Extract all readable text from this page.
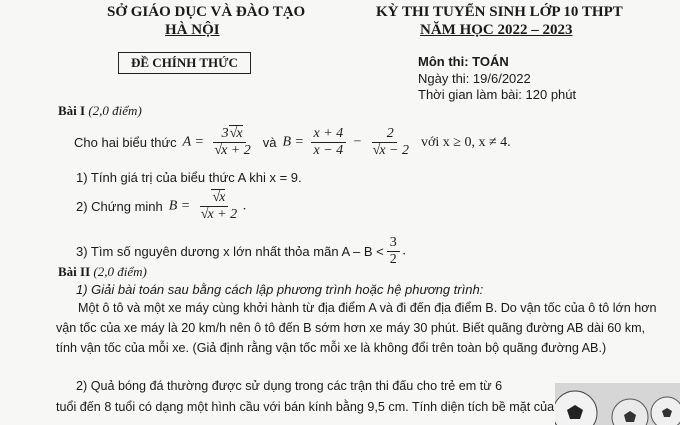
SỞ GIÁO DỤC VÀ ĐÀO TẠO
HÀ NỘI
ĐỀ CHÍNH THỨC
KỲ THI TUYỂN SINH LỚP 10 THPT
NĂM HỌC 2022 – 2023
Môn thi: TOÁN
Ngày thi: 19/6/2022
Thời gian làm bài: 120 phút
Bài I (2,0 điểm)
Cho hai biểu thức A = 3 √ x
√ x + 2 và $B = \frac{x + 4}{x - 4} - 2$
√ x − 2 với x ≥ 0, x ≠ 4.
1) Tính giá trị của biểu thức A khi x = 9.
2) Chứng minh B = √ x
√ x + 2 .
3) Tìm số nguyên dương x lớn nhất thỏa mãn $A - B < \frac{3}{2}$ .
Bài II (2,0 điểm)
1) Giải bài toán sau bằng cách lập phương trình hoặc hệ phương trình:
Một ô tô và một xe máy cùng khởi hành từ địa điểm A và đi đến địa điểm B. Do vận tốc của ô tô lớn hơn
vận tốc của xe máy là 20 km/h nên ô tô đến B sớm hơn xe máy 30 phút. Biết quãng đường AB dài 60 km,
tính vận tốc của mỗi xe. (Giả định rằng vận tốc mỗi xe là không đổi trên toàn bộ quãng đường AB.)
2) Quả bóng đá thường được sử dụng trong các trận thi đấu cho trẻ em từ 6
tuổi đến 8 tuổi có dạng một hình cầu với bán kính bằng 9,5 cm. Tính diện tích bề mặt của
